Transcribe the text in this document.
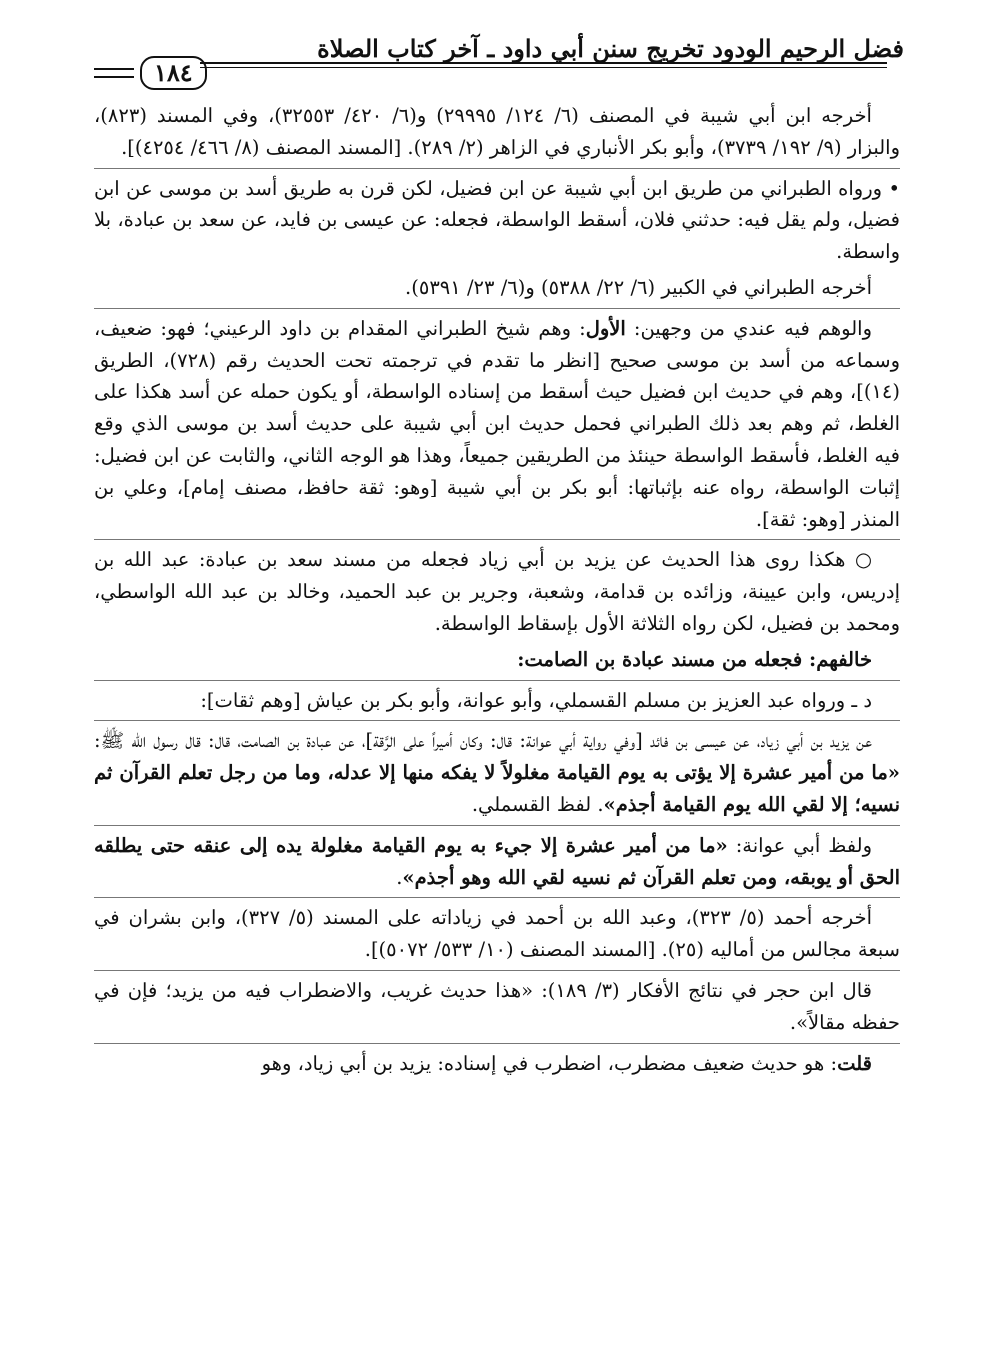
فضل الرحيم الودود تخريج سنن أبي داود ـ آخر كتاب الصلاة
١٨٤

أخرجه ابن أبي شيبة في المصنف (٦/ ١٢٤/ ٢٩٩٩٥) و(٦/ ٤٢٠/ ٣٢٥٥٣)، وفي المسند (٨٢٣)، والبزار (٩/ ١٩٢/ ٣٧٣٩)، وأبو بكر الأنباري في الزاهر (٢/ ٢٨٩). [المسند المصنف (٨/ ٤٦٦/ ٤٢٥٤)].

• ورواه الطبراني من طريق ابن أبي شيبة عن ابن فضيل، لكن قرن به طريق أسد بن موسى عن ابن فضيل، ولم يقل فيه: حدثني فلان، أسقط الواسطة، فجعله: عن عيسى بن فايد، عن سعد بن عبادة، بلا واسطة.

أخرجه الطبراني في الكبير (٦/ ٢٢/ ٥٣٨٨) و(٦/ ٢٣/ ٥٣٩١).

والوهم فيه عندي من وجهين: الأول: وهم شيخ الطبراني المقدام بن داود الرعيني؛ فهو: ضعيف، وسماعه من أسد بن موسى صحيح [انظر ما تقدم في ترجمته تحت الحديث رقم (٧٢٨)، الطريق (١٤)]، وهم في حديث ابن فضيل حيث أسقط من إسناده الواسطة، أو يكون حمله عن أسد هكذا على الغلط، ثم وهم بعد ذلك الطبراني فحمل حديث ابن أبي شيبة على حديث أسد بن موسى الذي وقع فيه الغلط، فأسقط الواسطة حينئذ من الطريقين جميعاً، وهذا هو الوجه الثاني، والثابت عن ابن فضيل: إثبات الواسطة، رواه عنه بإثباتها: أبو بكر بن أبي شيبة [وهو: ثقة حافظ، مصنف إمام]، وعلي بن المنذر [وهو: ثقة].

○ هكذا روى هذا الحديث عن يزيد بن أبي زياد فجعله من مسند سعد بن عبادة: عبد الله بن إدريس، وابن عيينة، وزائده بن قدامة، وشعبة، وجرير بن عبد الحميد، وخالد بن عبد الله الواسطي، ومحمد بن فضيل، لكن رواه الثلاثة الأول بإسقاط الواسطة.

خالفهم: فجعله من مسند عبادة بن الصامت:

د ـ ورواه عبد العزيز بن مسلم القسملي، وأبو عوانة، وأبو بكر بن عياش [وهم ثقات]:

عن يزيد بن أبي زياد، عن عيسى بن فائد [وفي رواية أبي عوانة: قال: وكان أميراً على الرَّقة]، عن عبادة بن الصامت، قال: قال رسول الله ﷺ: «ما من أمير عشرة إلا يؤتى به يوم القيامة مغلولاً لا يفكه منها إلا عدله، وما من رجل تعلم القرآن ثم نسيه؛ إلا لقي الله يوم القيامة أجذم». لفظ القسملي.

ولفظ أبي عوانة: «ما من أمير عشرة إلا جيء به يوم القيامة مغلولة يده إلى عنقه حتى يطلقه الحق أو يوبقه، ومن تعلم القرآن ثم نسيه لقي الله وهو أجذم».

أخرجه أحمد (٥/ ٣٢٣)، وعبد الله بن أحمد في زياداته على المسند (٥/ ٣٢٧)، وابن بشران في سبعة مجالس من أماليه (٢٥). [المسند المصنف (١٠/ ٥٣٣/ ٥٠٧٢)].

قال ابن حجر في نتائج الأفكار (٣/ ١٨٩): «هذا حديث غريب، والاضطراب فيه من يزيد؛ فإن في حفظه مقالاً».

قلت: هو حديث ضعيف مضطرب، اضطرب في إسناده: يزيد بن أبي زياد، وهو
